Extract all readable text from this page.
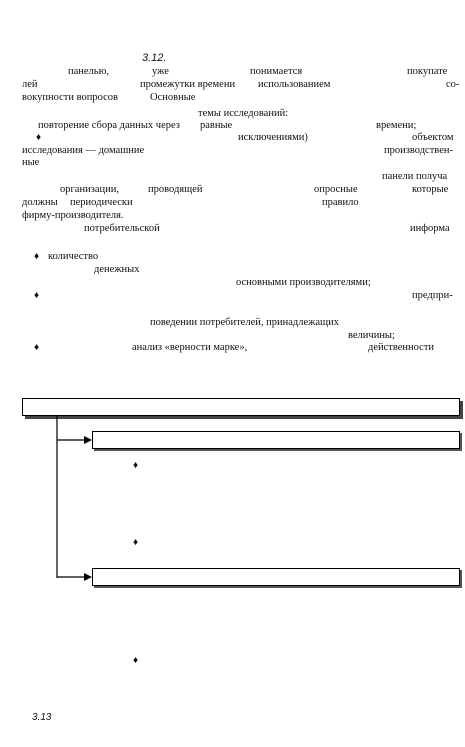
3.12.
панелью,	уже	понимается	покупате
лей	промежутки времени использованием	со-
вокупности вопросов	Основные
темы исследований:
повторение сбора данных через равные	времени;
♦	исключениями)	объектом
исследования — домашние	производствен-
ные
панели получа
организации,	проводящей	опросные	которые
должны периодически	правило
фирму-производителя.
потребительской	информа
♦ количество
денежных
основными производителями;
♦	предпри-
поведении потребителей, принадлежащих
величины;
♦	анализ «верности марке»,	действенности
♦
♦
♦
3.13
